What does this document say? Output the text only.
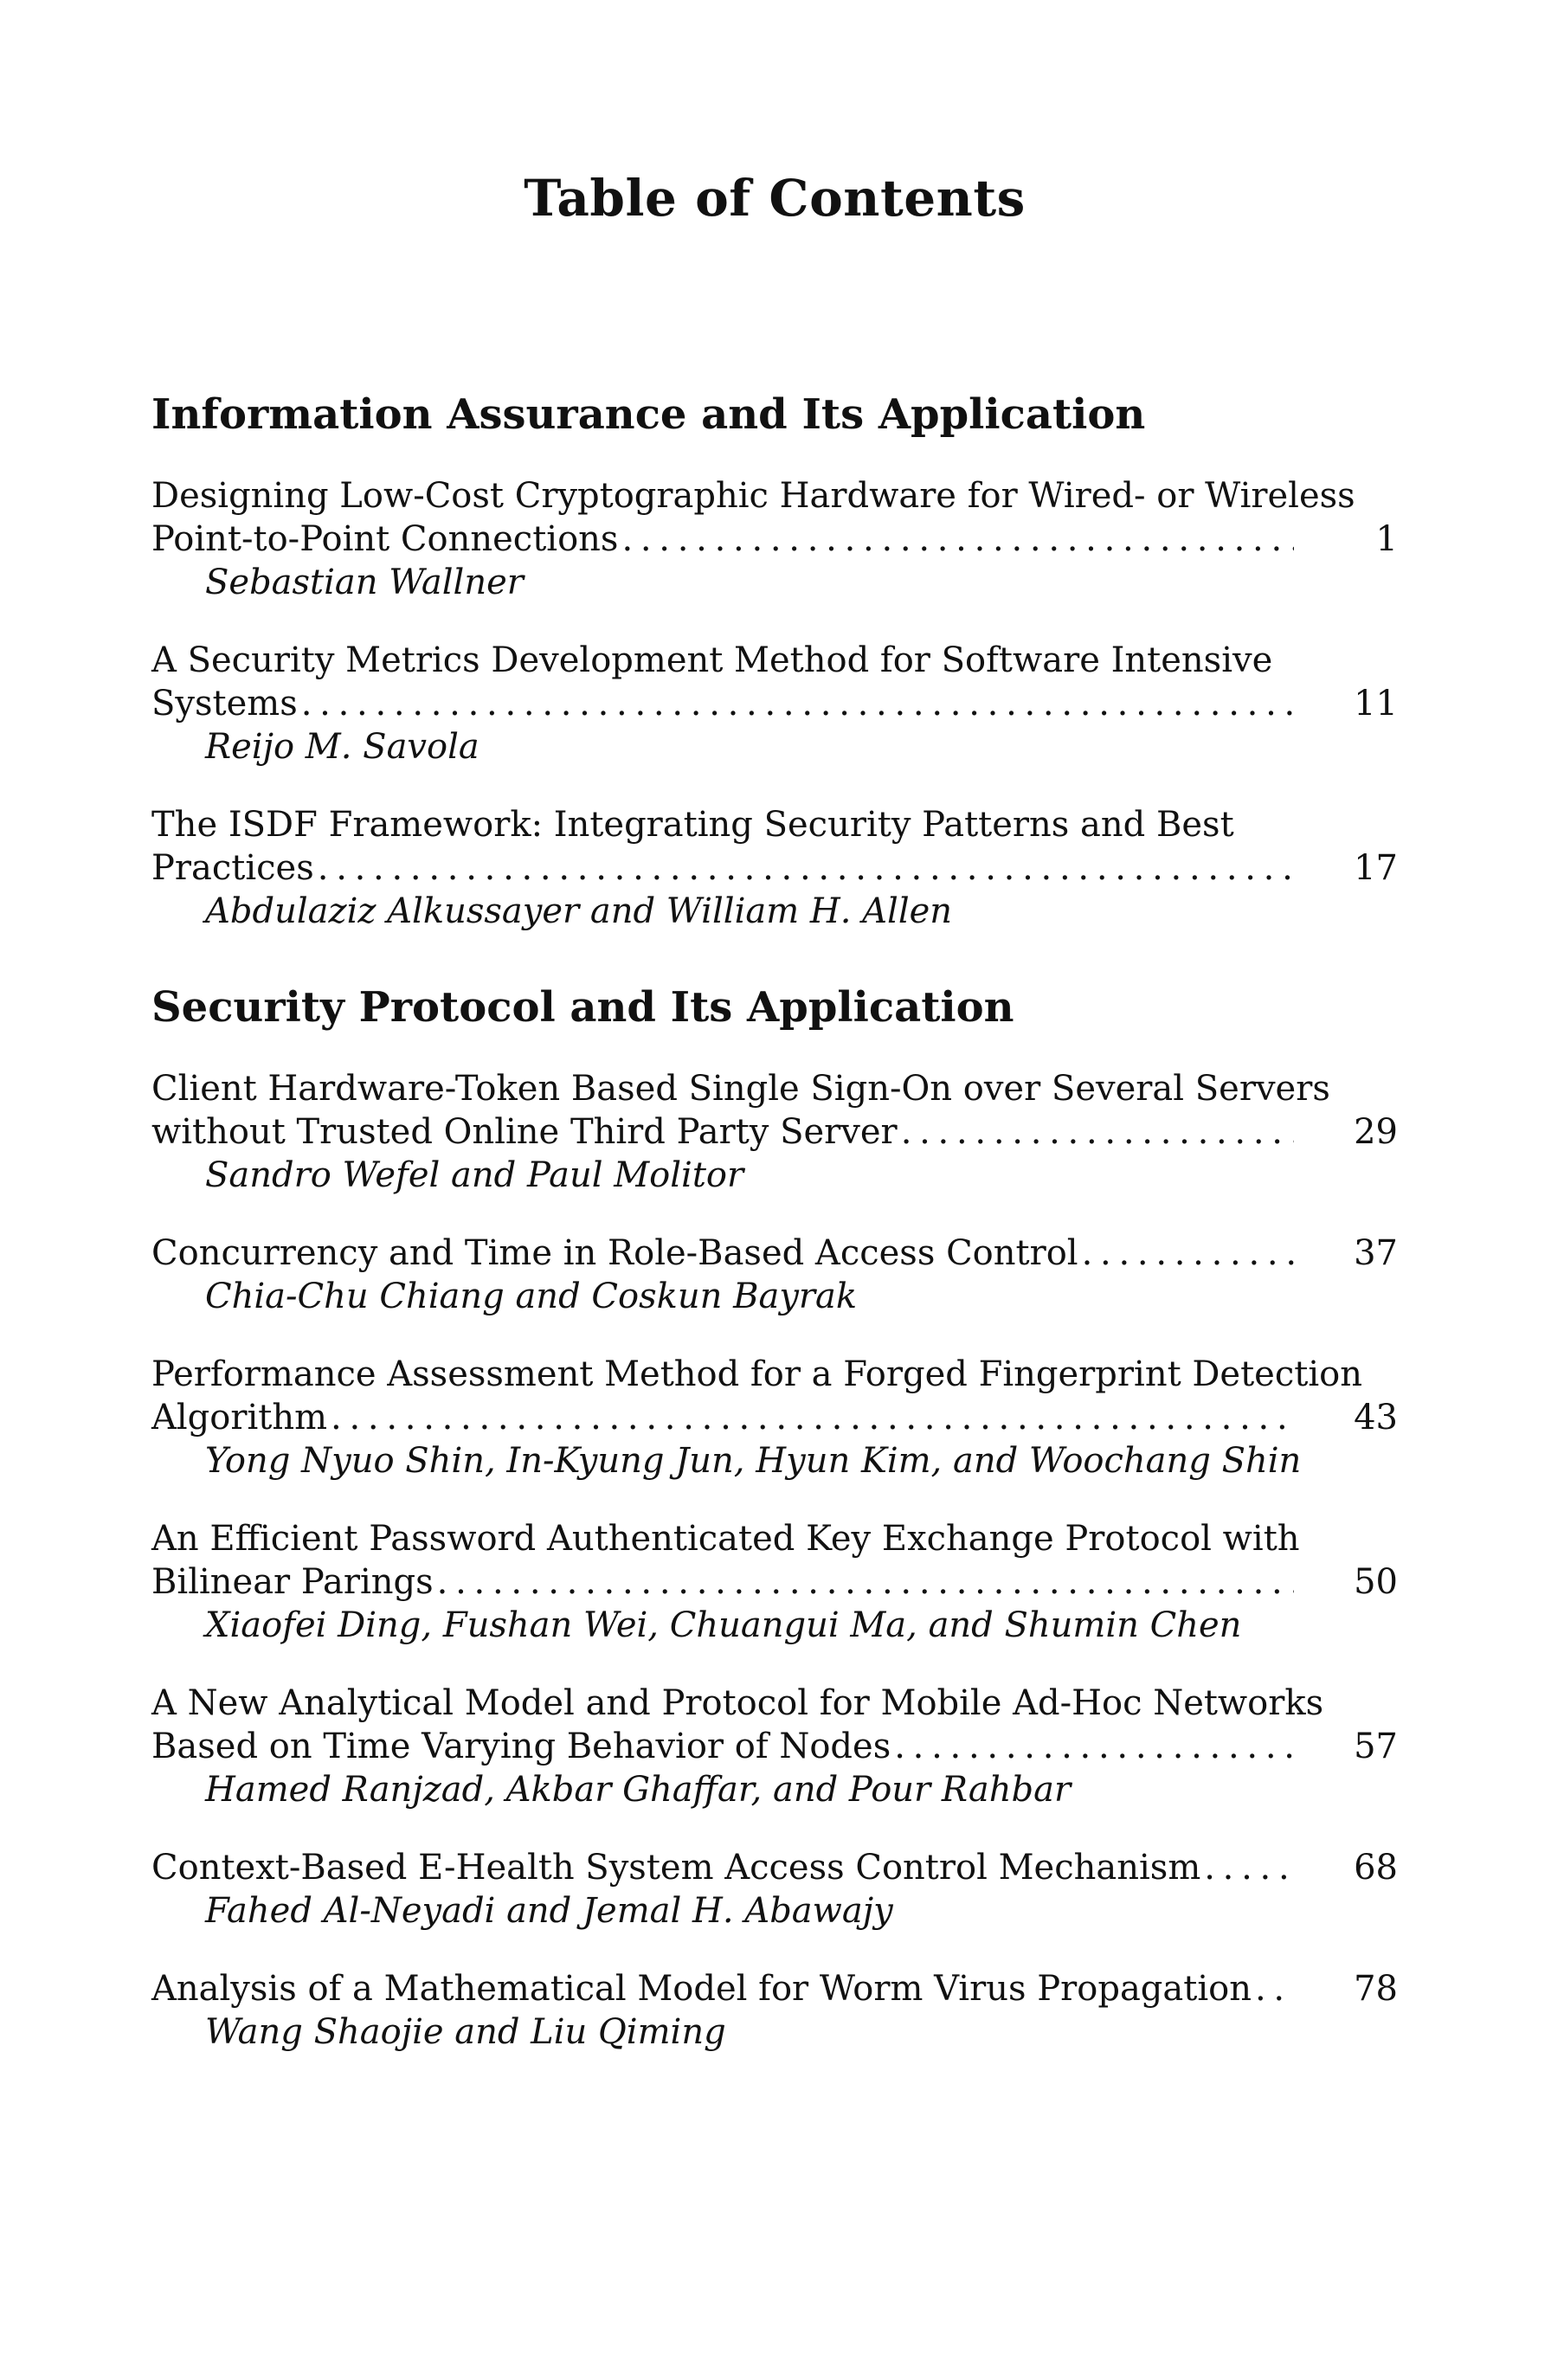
Table of Contents
Information Assurance and Its Application
Designing Low-Cost Cryptographic Hardware for Wired- or Wireless
Point-to-Point Connections . . .	1
Sebastian Wallner
A Security Metrics Development Method for Software Intensive
Systems . . .	11
Reijo M. Savola
The ISDF Framework: Integrating Security Patterns and Best
Practices . . .	17
Abdulaziz Alkussayer and William H. Allen
Security Protocol and Its Application
Client Hardware-Token Based Single Sign-On over Several Servers
without Trusted Online Third Party Server . . .	29
Sandro Wefel and Paul Molitor
Concurrency and Time in Role-Based Access Control . . .	37
Chia-Chu Chiang and Coskun Bayrak
Performance Assessment Method for a Forged Fingerprint Detection
Algorithm . . .	43
Yong Nyuo Shin, In-Kyung Jun, Hyun Kim, and Woochang Shin
An Efficient Password Authenticated Key Exchange Protocol with
Bilinear Parings . . .	50
Xiaofei Ding, Fushan Wei, Chuangui Ma, and Shumin Chen
A New Analytical Model and Protocol for Mobile Ad-Hoc Networks
Based on Time Varying Behavior of Nodes . . .	57
Hamed Ranjzad, Akbar Ghaffar, and Pour Rahbar
Context-Based E-Health System Access Control Mechanism . . .	68
Fahed Al-Neyadi and Jemal H. Abawajy
Analysis of a Mathematical Model for Worm Virus Propagation . . .	78
Wang Shaojie and Liu Qiming
